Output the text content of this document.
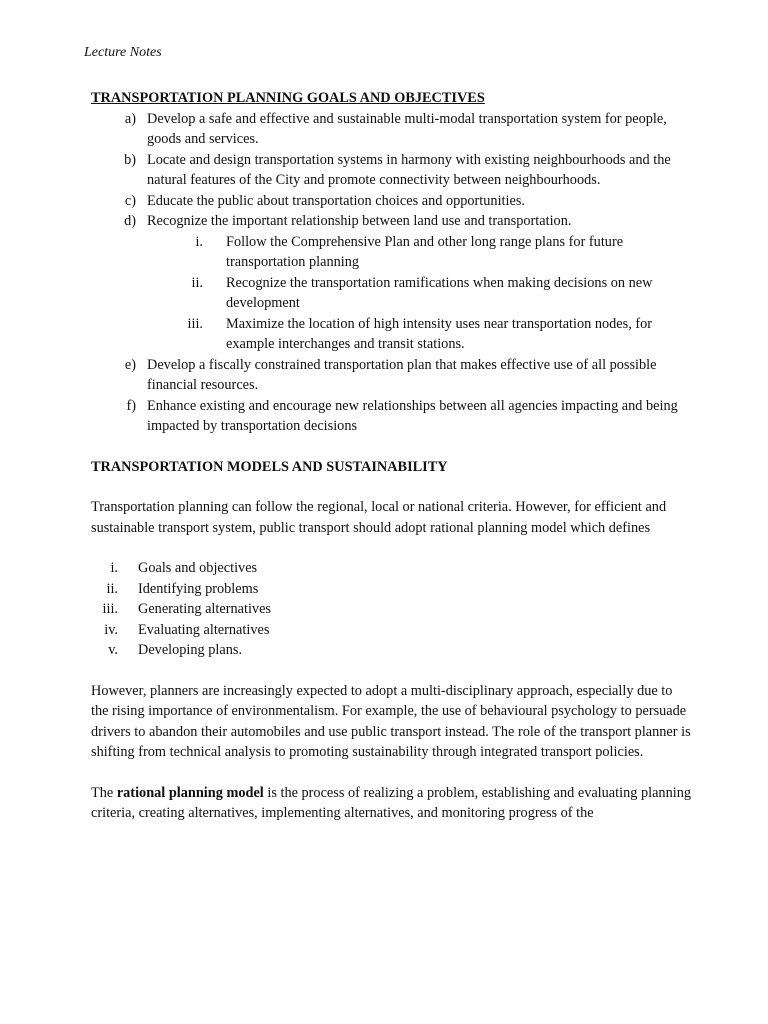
Lecture Notes
TRANSPORTATION PLANNING GOALS AND OBJECTIVES
a) Develop a safe and effective and sustainable multi-modal transportation system for people, goods and services.
b) Locate and design transportation systems in harmony with existing neighbourhoods and the natural features of the City and promote connectivity between neighbourhoods.
c) Educate the public about transportation choices and opportunities.
d) Recognize the important relationship between land use and transportation.
i.	Follow the Comprehensive Plan and other long range plans for future transportation planning
ii.	Recognize the transportation ramifications when making decisions on new development
iii.	Maximize the location of high intensity uses near transportation nodes, for example interchanges and transit stations.
e) Develop a fiscally constrained transportation plan that makes effective use of all possible financial resources.
f) Enhance existing and encourage new relationships between all agencies impacting and being impacted by transportation decisions
TRANSPORTATION MODELS AND SUSTAINABILITY

Transportation planning can follow the regional, local or national criteria. However, for efficient and sustainable transport system, public transport should adopt rational planning model which defines

i.	Goals and objectives
ii.	Identifying problems
iii.	Generating alternatives
iv.	Evaluating alternatives
v.	Developing plans.

However, planners are increasingly expected to adopt a multi-disciplinary approach, especially due to the rising importance of environmentalism. For example, the use of behavioural psychology to persuade drivers to abandon their automobiles and use public transport instead. The role of the transport planner is shifting from technical analysis to promoting sustainability through integrated transport policies.

The rational planning model is the process of realizing a problem, establishing and evaluating planning criteria, creating alternatives, implementing alternatives, and monitoring progress of the
